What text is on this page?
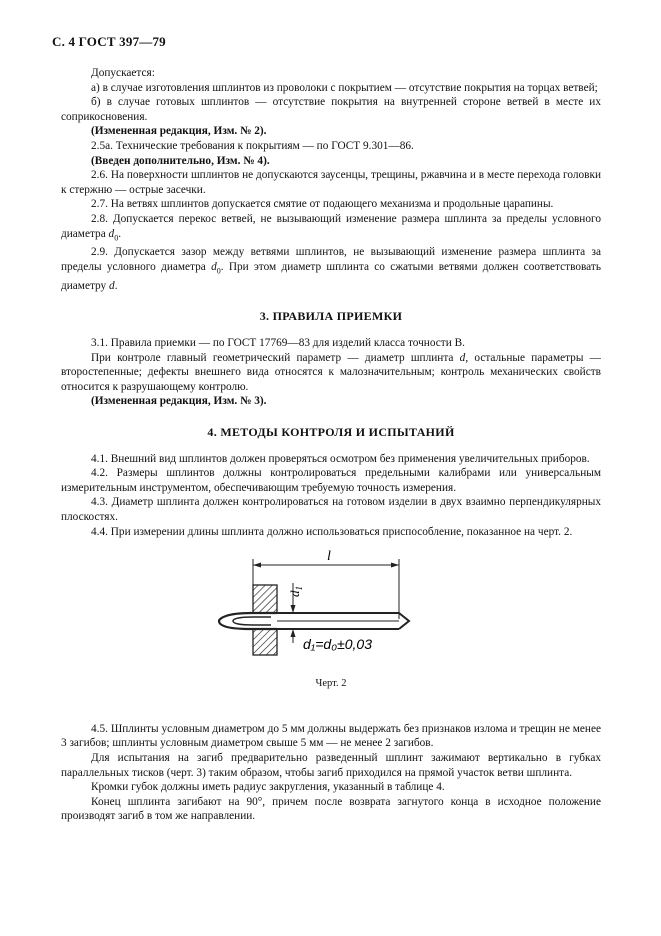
С. 4 ГОСТ 397—79

Допускается:

а) в случае изготовления шплинтов из проволоки с покрытием — отсутствие покрытия на торцах ветвей;

б) в случае готовых шплинтов — отсутствие покрытия на внутренней стороне ветвей в месте их соприкосновения.

(Измененная редакция, Изм. № 2).

2.5а. Технические требования к покрытиям — по ГОСТ 9.301—86.

(Введен дополнительно, Изм. № 4).

2.6. На поверхности шплинтов не допускаются заусенцы, трещины, ржавчина и в месте перехода головки к стержню — острые засечки.

2.7. На ветвях шплинтов допускается смятие от подающего механизма и продольные царапины.

2.8. Допускается перекос ветвей, не вызывающий изменение размера шплинта за пределы условного диаметра $d_0$.

2.9. Допускается зазор между ветвями шплинтов, не вызывающий изменение размера шплинта за пределы условного диаметра $d_0$. При этом диаметр шплинта со сжатыми ветвями должен соответствовать диаметру d.

3. ПРАВИЛА ПРИЕМКИ

3.1. Правила приемки — по ГОСТ 17769—83 для изделий класса точности В.

При контроле главный геометрический параметр — диаметр шплинта d, остальные параметры — второстепенные; дефекты внешнего вида относятся к малозначительным; контроль механических свойств относится к разрушающему контролю.

(Измененная редакция, Изм. № 3).

4. МЕТОДЫ КОНТРОЛЯ И ИСПЫТАНИЙ

4.1. Внешний вид шплинтов должен проверяться осмотром без применения увеличительных приборов.

4.2. Размеры шплинтов должны контролироваться предельными калибрами или универсальным измерительным инструментом, обеспечивающим требуемую точность измерения.

4.3. Диаметр шплинта должен контролироваться на готовом изделии в двух взаимно перпендикулярных плоскостях.

4.4. При измерении длины шплинта должно использоваться приспособление, показанное на черт. 2.

l
$d_1$
d₁=d₀±0,03

Черт. 2

4.5. Шплинты условным диаметром до 5 мм должны выдержать без признаков излома и трещин не менее 3 загибов; шплинты условным диаметром свыше 5 мм — не менее 2 загибов.

Для испытания на загиб предварительно разведенный шплинт зажимают вертикально в губках параллельных тисков (черт. 3) таким образом, чтобы загиб приходился на прямой участок ветви шплинта.

Кромки губок должны иметь радиус закругления, указанный в таблице 4.

Конец шплинта загибают на 90°, причем после возврата загнутого конца в исходное положение производят загиб в том же направлении.
